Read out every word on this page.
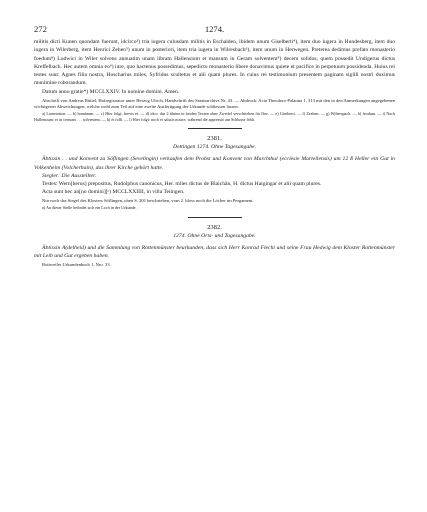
272	1274.

militis dicti Kunen quondam fuerunt, idcirco³) tria iugera culusdam militis in Eschaldeo, ibidem unum Giselberti⁴), item duo iugera in Hundesberg, item duo iugera in Wilerberg, item Henrici Zehen⁵) unum in posteriori, item tria iugera in Wilresbach⁶), item unum in Herwegen. Preterea dedimus prefato monasterio foedum⁸) Ludwici in Wiler solvens annuatim unam libram Hallensium et mansum in Geram solventem⁸) decem solidos, quem possedit Undigerus dictus Kreffelbach. Hec autem omnia eo⁹) iure, quo hactenus possedimus, sepedicto monasterio libere donavimus quiete et pacifice in perpetuum possidenda. Huius rei testes sunt: Agnes filia nostra, Hoscharius miles, Syfridus scultetus et alii quam plures. In cuius rei testimonium presentem paginam sigilli nostri duximus munimine roborandum.

Datum anno gratie*) MCCLXXIV. In nomine domini. Amen.

Abschrift von Andreas Rüttel, Hofregistrator unter Herzog Ulrich, Handschrift des Staatsarchivs Nr. 43. — Abdruck: Acta Theodoro-Palatina 1, 313 mit den in den Anmerkungen angegebenen wichtigeren Abweichungen, welche wohl zum Teil auf eine zweite Ausfertigung der Urkunde schliessen lassen.

a) Lauretation. — b) hominum. — c) Hier folgt: brevis et. — d) idco; das 2 äbrine in beiden Texten ohne Zweifel verschrieben für lbre. — e) Giseberti. — f) Zeehen. — g) Wilterspach. — h) feodum. — i) Nach Hallensium: et in censum . . . solventem. — k) et folli. — l) Hier folgt: noch et salutis nostre, während die appressio am Schlusse fehlt.

2381.

Dettingen 1274. Ohne Tagesangabe.

Äbtissin . . und Konvent zu Söflingen (Sevelingin) verkaufen dem Probst und Konvent von Marchthal (ecclesie Martellensis) um 12 ß Heller ein Gut in Volkenheim (Volcherhain), das ihrer Kirche gehört hatte.

Siegler: Die Ausstellter.

Testes: Wern[herus] prepositus, Rudolphus canonicus, Her. miles dictus de Blaichân, H. dictus Haigingar et alii quam plures.

Acta sunt hec an[no domini][ᵃ) MCCLXXIIII, in villa Teiingen.

Nur noch das Siegel des Klosters Söflingen, oben S. 201 beschrieben, vom 2. bloss noch die Löcher im Pergament.

a) An dieser Stelle befindet sich ein Loch in der Urkunde.

2382.

1274. Ohne Orts- und Tagesangabe.

Äbtissin A(delheid) und die Sammlung von Rottenmünster beurkunden, dass sich Herr Konrad Flechi und seine Frau Hedwig dem Kloster Rottenmünster mit Leib und Gut ergeben haben.

Rottweiler Urkundenbuch 1, Nro. 33.
